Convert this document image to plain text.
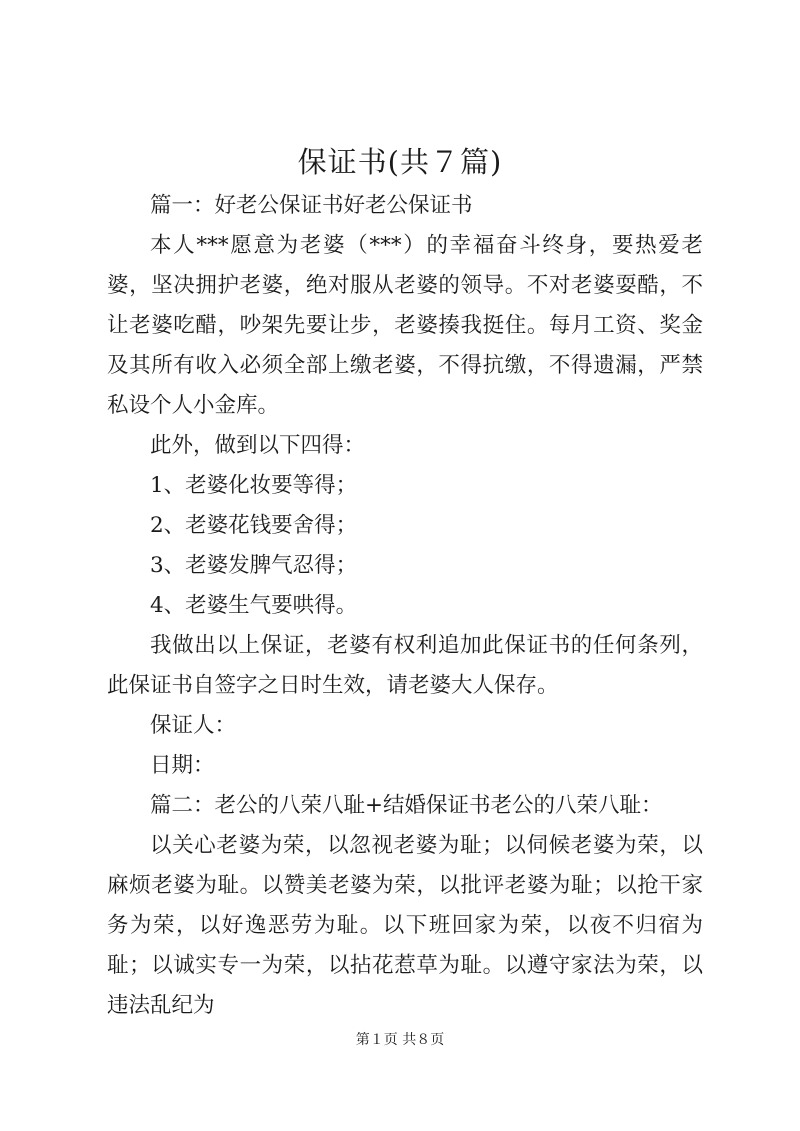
保证书(共７篇)

篇一：好老公保证书好老公保证书

本人***愿意为老婆（***）的幸福奋斗终身，要热爱老婆，坚决拥护老婆，绝对服从老婆的领导。不对老婆耍酷，不让老婆吃醋，吵架先要让步，老婆揍我挺住。每月工资、奖金及其所有收入必须全部上缴老婆，不得抗缴，不得遗漏，严禁私设个人小金库。

此外，做到以下四得：

1、老婆化妆要等得；

2、老婆花钱要舍得；

3、老婆发脾气忍得；

4、老婆生气要哄得。

我做出以上保证，老婆有权利追加此保证书的任何条列，此保证书自签字之日时生效，请老婆大人保存。

保证人：

日期：

篇二：老公的八荣八耻+结婚保证书老公的八荣八耻：

以关心老婆为荣，以忽视老婆为耻；以伺候老婆为荣，以麻烦老婆为耻。以赞美老婆为荣，以批评老婆为耻；以抢干家务为荣，以好逸恶劳为耻。以下班回家为荣，以夜不归宿为耻；以诚实专一为荣，以拈花惹草为耻。以遵守家法为荣，以违法乱纪为

第１页 共８页
